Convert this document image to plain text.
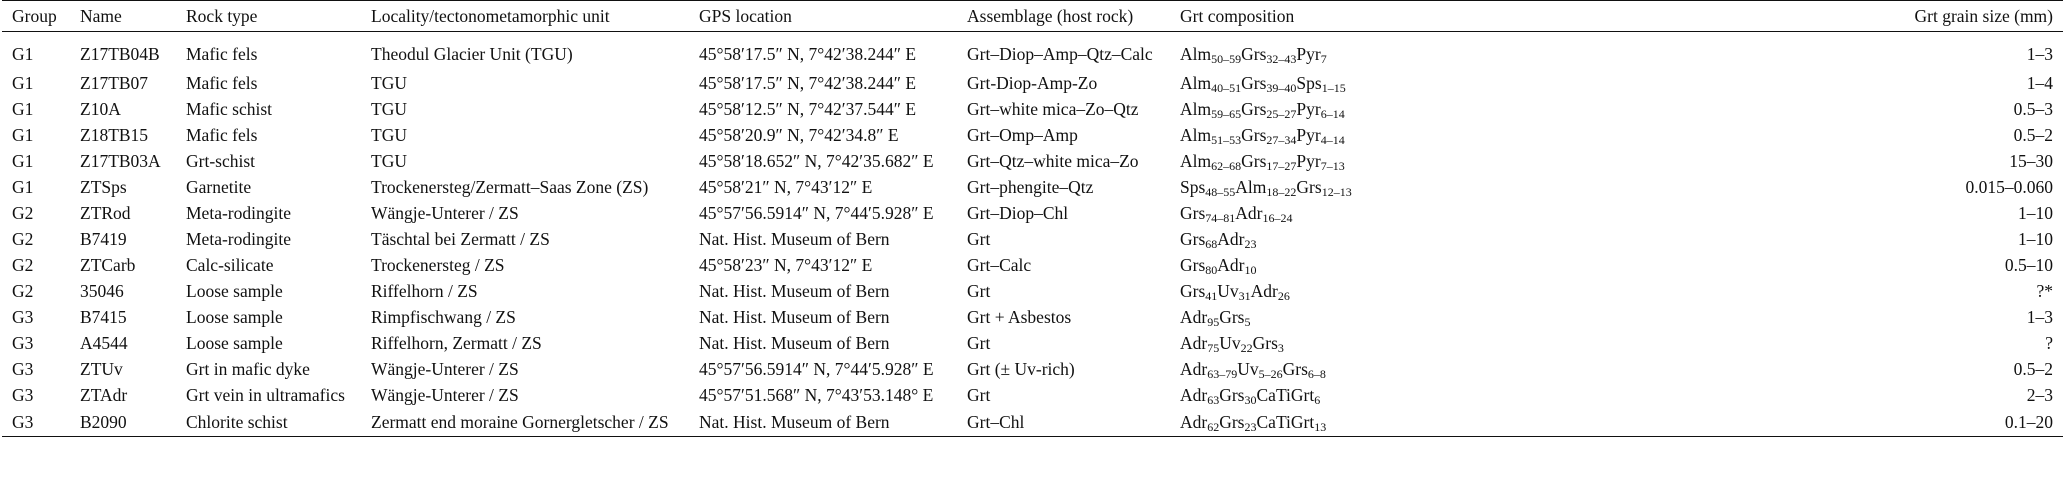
Group	Name	Rock type	Locality/tectonometamorphic unit	GPS location	Assemblage (host rock)	Grt composition	Grt grain size (mm)
G1	Z17TB04B	Mafic fels	Theodul Glacier Unit (TGU)	45°58′17.5″ N, 7°42′38.244″ E	Grt–Diop–Amp–Qtz–Calc	Alm$_{50-59}$Grs$_{32-43}$Pyr$_7$	1–3
G1	Z17TB07	Mafic fels	TGU	45°58′17.5″ N, 7°42′38.244″ E	Grt-Diop-Amp-Zo	Alm$_{40-51}$Grs$_{39-40}$Sps$_{1-15}$	1–4
G1	Z10A	Mafic schist	TGU	45°58′12.5″ N, 7°42′37.544″ E	Grt–white mica–Zo–Qtz	Alm$_{59-65}$Grs$_{25-27}$Pyr$_{6-14}$	0.5–3
G1	Z18TB15	Mafic fels	TGU	45°58′20.9″ N, 7°42′34.8″ E	Grt–Omp–Amp	Alm$_{51-53}$Grs$_{27-34}$Pyr$_{4-14}$	0.5–2
G1	Z17TB03A	Grt-schist	TGU	45°58′18.652″ N, 7°42′35.682″ E	Grt–Qtz–white mica–Zo	Alm$_{62-68}$Grs$_{17-27}$Pyr$_{7-13}$	15–30
G1	ZTSps	Garnetite	Trockenersteg/Zermatt–Saas Zone (ZS)	45°58′21″ N, 7°43′12″ E	Grt–phengite–Qtz	Sps$_{48-55}$Alm$_{18-22}$Grs$_{12-13}$	0.015–0.060
G2	ZTRod	Meta-rodingite	Wängje-Unterer / ZS	45°57′56.5914″ N, 7°44′5.928″ E	Grt–Diop–Chl	Grs$_{74-81}$Adr$_{16-24}$	1–10
G2	B7419	Meta-rodingite	Täschtal bei Zermatt / ZS	Nat. Hist. Museum of Bern	Grt	Grs$_{68}$Adr$_{23}$	1–10
G2	ZTCarb	Calc-silicate	Trockenersteg / ZS	45°58′23″ N, 7°43′12″ E	Grt–Calc	Grs$_{80}$Adr$_{10}$	0.5–10
G2	35046	Loose sample	Riffelhorn / ZS	Nat. Hist. Museum of Bern	Grt	$Grs_{41}Uv_{31}Adr_{26}$	?*
G3	B7415	Loose sample	Rimpfischwang / ZS	Nat. Hist. Museum of Bern	Grt + Asbestos	Adr$_{95}$Grs$_5$	1–3
G3	A4544	Loose sample	Riffelhorn, Zermatt / ZS	Nat. Hist. Museum of Bern	Grt	$Adr_{75}Uv_{22}Grs_3$	?
G3	ZTUv	Grt in mafic dyke	Wängje-Unterer / ZS	45°57′56.5914″ N, 7°44′5.928″ E	Grt (± Uv-rich)	$Adr_{63-79}Uv_{5-26}Grs_{6-8}$	0.5–2
G3	ZTAdr	Grt vein in ultramafics	Wängje-Unterer / ZS	45°57′51.568″ N, 7°43′53.148° E	Grt	Adr$_{63}$Grs$_{30}$CaTiGrt$_6$	2–3
G3	B2090	Chlorite schist	Zermatt end moraine Gornergletscher / ZS	Nat. Hist. Museum of Bern	Grt–Chl	Adr$_{62}$Grs$_{23}$CaTiGrt$_{13}$	0.1–20
